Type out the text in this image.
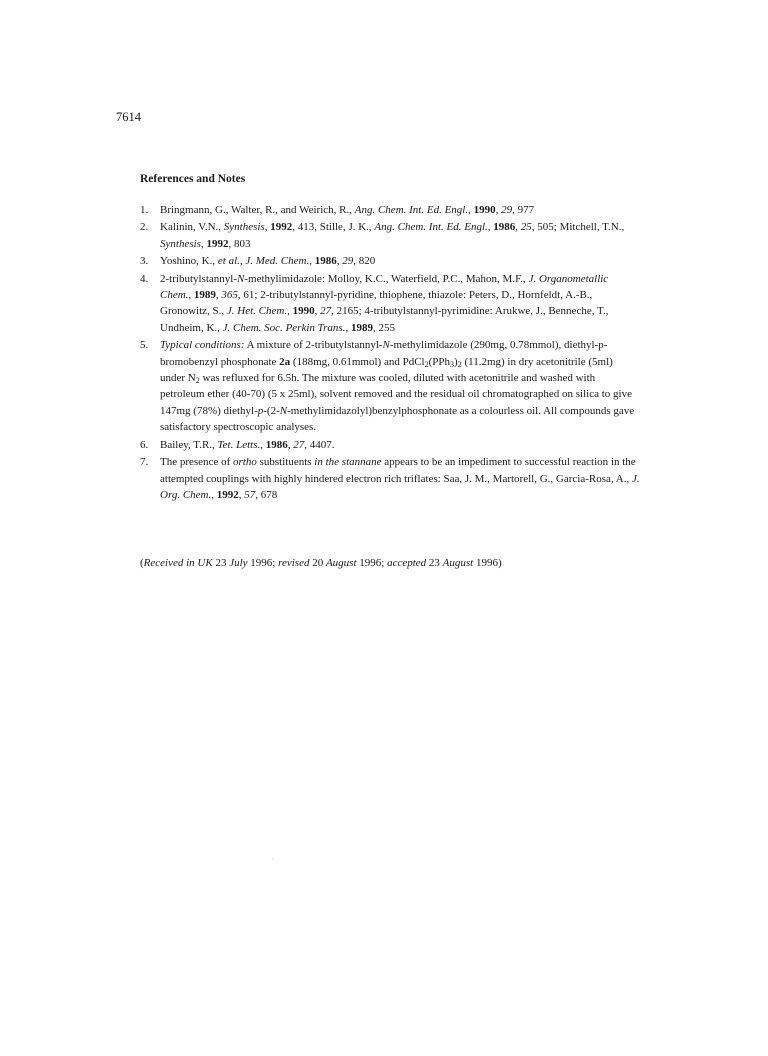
7614
References and Notes
1. Bringmann, G., Walter, R., and Weirich, R., Ang. Chem. Int. Ed. Engl., 1990, 29, 977
2. Kalinin, V.N., Synthesis, 1992, 413, Stille, J. K., Ang. Chem. Int. Ed. Engl., 1986, 25, 505; Mitchell, T.N., Synthesis, 1992, 803
3. Yoshino, K., et al., J. Med. Chem., 1986, 29, 820
4. 2-tributylstannyl-N-methylimidazole: Molloy, K.C., Waterfield, P.C., Mahon, M.F., J. Organometallic Chem., 1989, 365, 61; 2-tributylstannyl-pyridine, thiophene, thiazole: Peters, D., Hornfeldt, A.-B., Gronowitz, S., J. Het. Chem., 1990, 27, 2165; 4-tributylstannyl-pyrimidine: Arukwe, J., Benneche, T., Undheim, K., J. Chem. Soc. Perkin Trans., 1989, 255
5. Typical conditions: A mixture of 2-tributylstannyl-N-methylimidazole (290mg, 0.78mmol), diethyl-p-bromobenzyl phosphonate 2a (188mg, 0.61mmol) and $PdCl_2(PPh_3)_2$ (11.2mg) in dry acetonitrile (5ml) under $N_2$ was refluxed for 6.5h. The mixture was cooled, diluted with acetonitrile and washed with petroleum ether (40-70) (5 x 25ml), solvent removed and the residual oil chromatographed on silica to give 147mg (78%) diethyl-p-(2-N-methylimidazolyl)benzylphosphonate as a colourless oil. All compounds gave satisfactory spectroscopic analyses.
6. Bailey, T.R., Tet. Letts., 1986, 27, 4407.
7. The presence of ortho substituents in the stannane appears to be an impediment to successful reaction in the attempted couplings with highly hindered electron rich triflates: Saa, J. M., Martorell, G., Garcia-Rosa, A., J. Org. Chem., 1992, 57, 678
(Received in UK 23 July 1996; revised 20 August 1996; accepted 23 August 1996)
